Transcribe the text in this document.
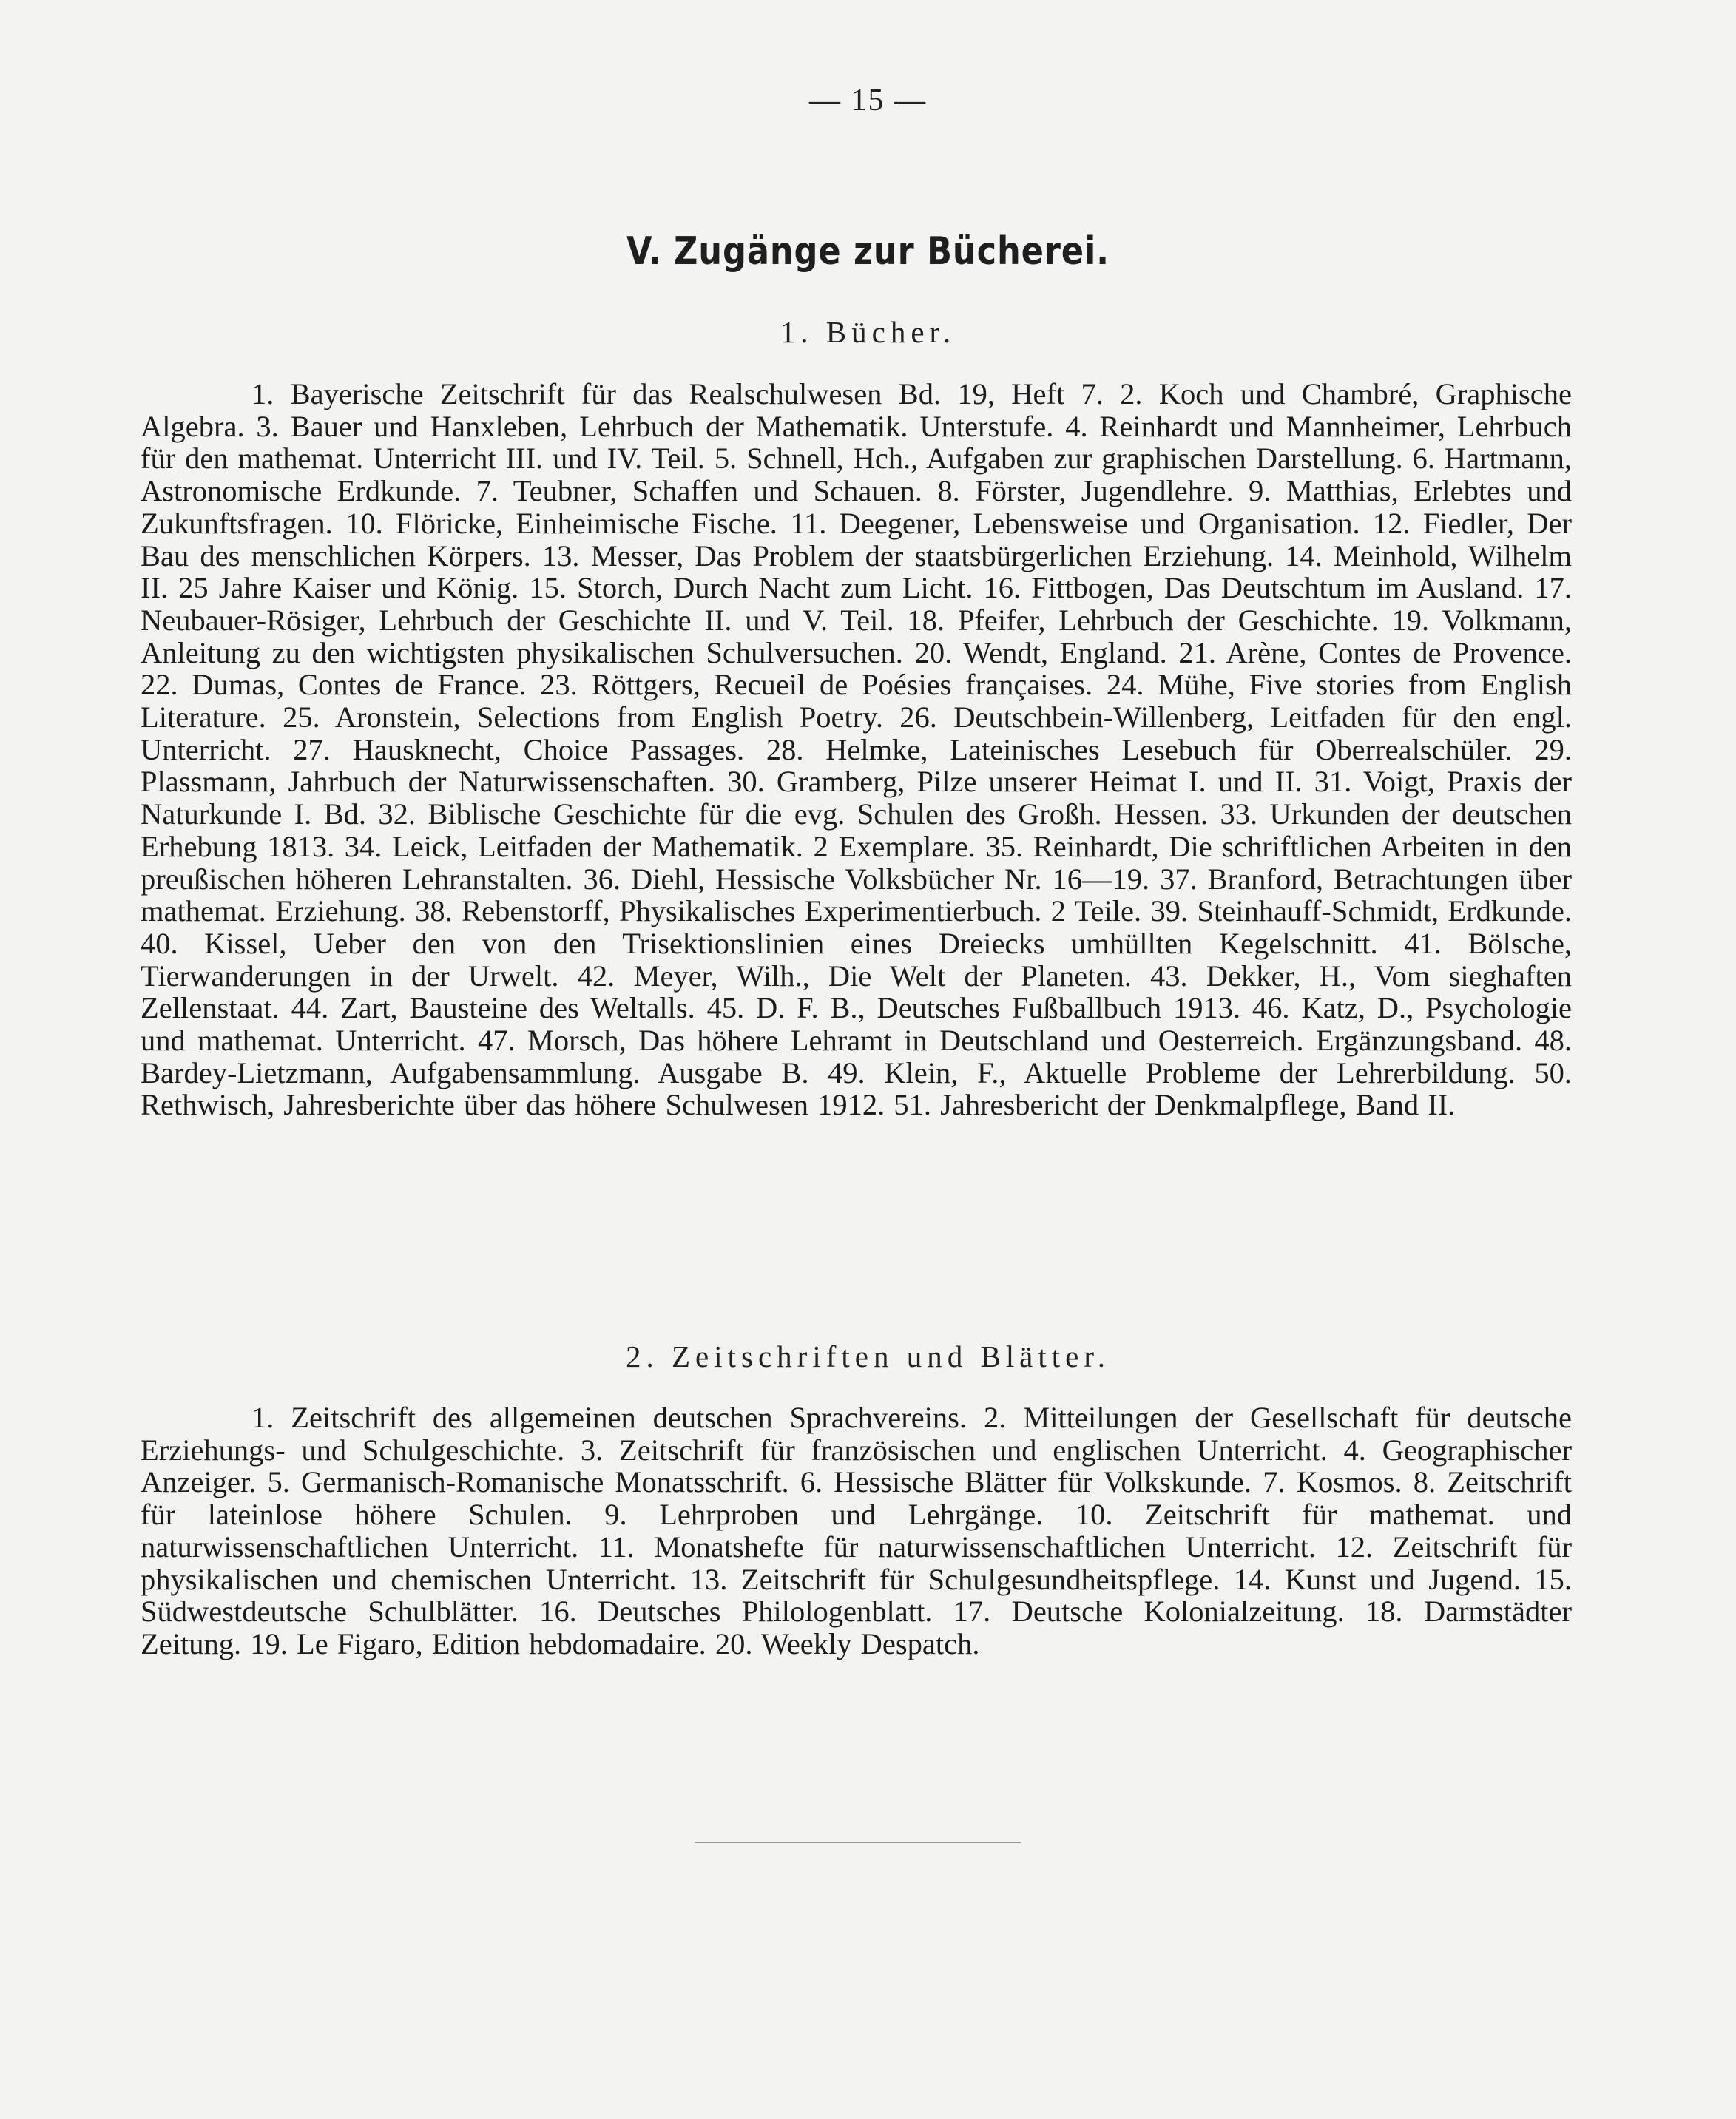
— 15 —
V. Zugänge zur Bücherei.
1. Bücher.
1. Bayerische Zeitschrift für das Realschulwesen Bd. 19, Heft 7. 2. Koch und Chambré, Graphische Algebra. 3. Bauer und Hanxleben, Lehrbuch der Mathematik. Unterstufe. 4. Reinhardt und Mannheimer, Lehrbuch für den mathemat. Unterricht III. und IV. Teil. 5. Schnell, Hch., Aufgaben zur graphischen Darstellung. 6. Hartmann, Astronomische Erdkunde. 7. Teubner, Schaffen und Schauen. 8. Förster, Jugendlehre. 9. Matthias, Erlebtes und Zukunftsfragen. 10. Flöricke, Einheimische Fische. 11. Deegener, Lebensweise und Organisation. 12. Fiedler, Der Bau des menschlichen Körpers. 13. Messer, Das Problem der staatsbürgerlichen Erziehung. 14. Meinhold, Wilhelm II. 25 Jahre Kaiser und König. 15. Storch, Durch Nacht zum Licht. 16. Fittbogen, Das Deutschtum im Ausland. 17. Neubauer-Rösiger, Lehrbuch der Geschichte II. und V. Teil. 18. Pfeifer, Lehrbuch der Geschichte. 19. Volkmann, Anleitung zu den wichtigsten physikalischen Schulversuchen. 20. Wendt, England. 21. Arène, Contes de Provence. 22. Dumas, Contes de France. 23. Röttgers, Recueil de Poésies françaises. 24. Mühe, Five stories from English Literature. 25. Aronstein, Selections from English Poetry. 26. Deutschbein-Willenberg, Leitfaden für den engl. Unterricht. 27. Hausknecht, Choice Passages. 28. Helmke, Lateinisches Lesebuch für Oberrealschüler. 29. Plassmann, Jahrbuch der Naturwissenschaften. 30. Gramberg, Pilze unserer Heimat I. und II. 31. Voigt, Praxis der Naturkunde I. Bd. 32. Biblische Geschichte für die evg. Schulen des Großh. Hessen. 33. Urkunden der deutschen Erhebung 1813. 34. Leick, Leitfaden der Mathematik. 2 Exemplare. 35. Reinhardt, Die schriftlichen Arbeiten in den preußischen höheren Lehranstalten. 36. Diehl, Hessische Volksbücher Nr. 16—19. 37. Branford, Betrachtungen über mathemat. Erziehung. 38. Rebenstorff, Physikalisches Experimentierbuch. 2 Teile. 39. Steinhauff-Schmidt, Erdkunde. 40. Kissel, Ueber den von den Trisektionslinien eines Dreiecks umhüllten Kegelschnitt. 41. Bölsche, Tierwanderungen in der Urwelt. 42. Meyer, Wilh., Die Welt der Planeten. 43. Dekker, H., Vom sieghaften Zellenstaat. 44. Zart, Bausteine des Weltalls. 45. D. F. B., Deutsches Fußballbuch 1913. 46. Katz, D., Psychologie und mathemat. Unterricht. 47. Morsch, Das höhere Lehramt in Deutschland und Oesterreich. Ergänzungsband. 48. Bardey-Lietzmann, Aufgabensammlung. Ausgabe B. 49. Klein, F., Aktuelle Probleme der Lehrerbildung. 50. Rethwisch, Jahresberichte über das höhere Schulwesen 1912. 51. Jahresbericht der Denkmalpflege, Band II.
2. Zeitschriften und Blätter.
1. Zeitschrift des allgemeinen deutschen Sprachvereins. 2. Mitteilungen der Gesellschaft für deutsche Erziehungs- und Schulgeschichte. 3. Zeitschrift für französischen und englischen Unterricht. 4. Geographischer Anzeiger. 5. Germanisch-Romanische Monatsschrift. 6. Hessische Blätter für Volkskunde. 7. Kosmos. 8. Zeitschrift für lateinlose höhere Schulen. 9. Lehrproben und Lehrgänge. 10. Zeitschrift für mathemat. und naturwissenschaftlichen Unterricht. 11. Monatshefte für naturwissenschaftlichen Unterricht. 12. Zeitschrift für physikalischen und chemischen Unterricht. 13. Zeitschrift für Schulgesundheitspflege. 14. Kunst und Jugend. 15. Südwestdeutsche Schulblätter. 16. Deutsches Philologenblatt. 17. Deutsche Kolonialzeitung. 18. Darmstädter Zeitung. 19. Le Figaro, Edition hebdomadaire. 20. Weekly Despatch.
